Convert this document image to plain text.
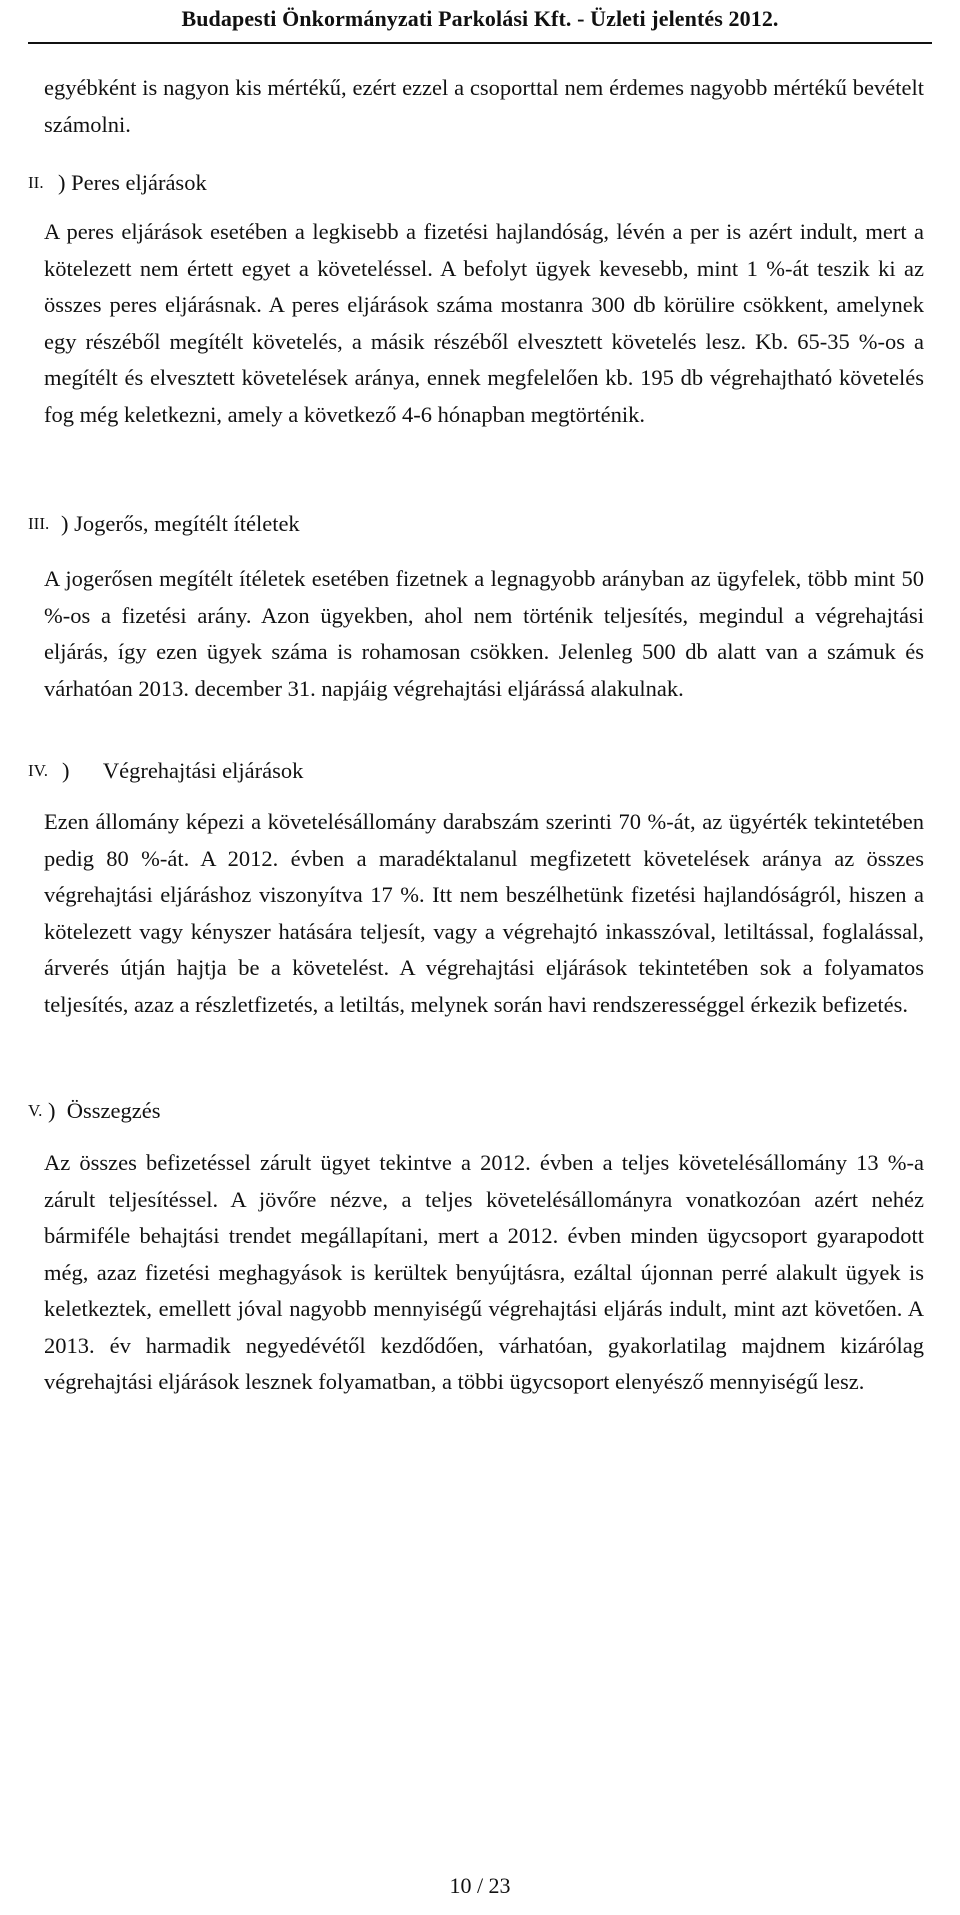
Budapesti Önkormányzati Parkolási Kft. - Üzleti jelentés 2012.
egyébként is nagyon kis mértékű, ezért ezzel a csoporttal nem érdemes nagyobb mértékű bevételt számolni.
II. ) Peres eljárások
A peres eljárások esetében a legkisebb a fizetési hajlandóság, lévén a per is azért indult, mert a kötelezett nem értett egyet a követeléssel. A befolyt ügyek kevesebb, mint 1 %-át teszik ki az összes peres eljárásnak. A peres eljárások száma mostanra 300 db körülire csökkent, amelynek egy részéből megítélt követelés, a másik részéből elvesztett követelés lesz. Kb. 65-35 %-os a megítélt és elvesztett követelések aránya, ennek megfelelően kb. 195 db végrehajtható követelés fog még keletkezni, amely a következő 4-6 hónapban megtörténik.
III. ) Jogerős, megítélt ítéletek
A jogerősen megítélt ítéletek esetében fizetnek a legnagyobb arányban az ügyfelek, több mint 50 %-os a fizetési arány. Azon ügyekben, ahol nem történik teljesítés, megindul a végrehajtási eljárás, így ezen ügyek száma is rohamosan csökken. Jelenleg 500 db alatt van a számuk és várhatóan 2013. december 31. napjáig végrehajtási eljárássá alakulnak.
IV. )      Végrehajtási eljárások
Ezen állomány képezi a követelésállomány darabszám szerinti 70 %-át, az ügyérték tekintetében pedig 80 %-át. A 2012. évben a maradéktalanul megfizetett követelések aránya az összes végrehajtási eljáráshoz viszonyítva 17 %. Itt nem beszélhetünk fizetési hajlandóságról, hiszen a kötelezett vagy kényszer hatására teljesít, vagy a végrehajtó inkasszóval, letiltással, foglalással, árverés útján hajtja be a követelést. A végrehajtási eljárások tekintetében sok a folyamatos teljesítés, azaz a részletfizetés, a letiltás, melynek során havi rendszerességgel érkezik befizetés.
V. )  Összegzés
Az összes befizetéssel zárult ügyet tekintve a 2012. évben a teljes követelésállomány 13 %-a zárult teljesítéssel. A jövőre nézve, a teljes követelésállományra vonatkozóan azért nehéz bármiféle behajtási trendet megállapítani, mert a 2012. évben minden ügycsoport gyarapodott még, azaz fizetési meghagyások is kerültek benyújtásra, ezáltal újonnan perré alakult ügyek is keletkeztek, emellett jóval nagyobb mennyiségű végrehajtási eljárás indult, mint azt követően. A 2013. év harmadik negyedévétől kezdődően, várhatóan, gyakorlatilag majdnem kizárólag végrehajtási eljárások lesznek folyamatban, a többi ügycsoport elenyésző mennyiségű lesz.
10 / 23
